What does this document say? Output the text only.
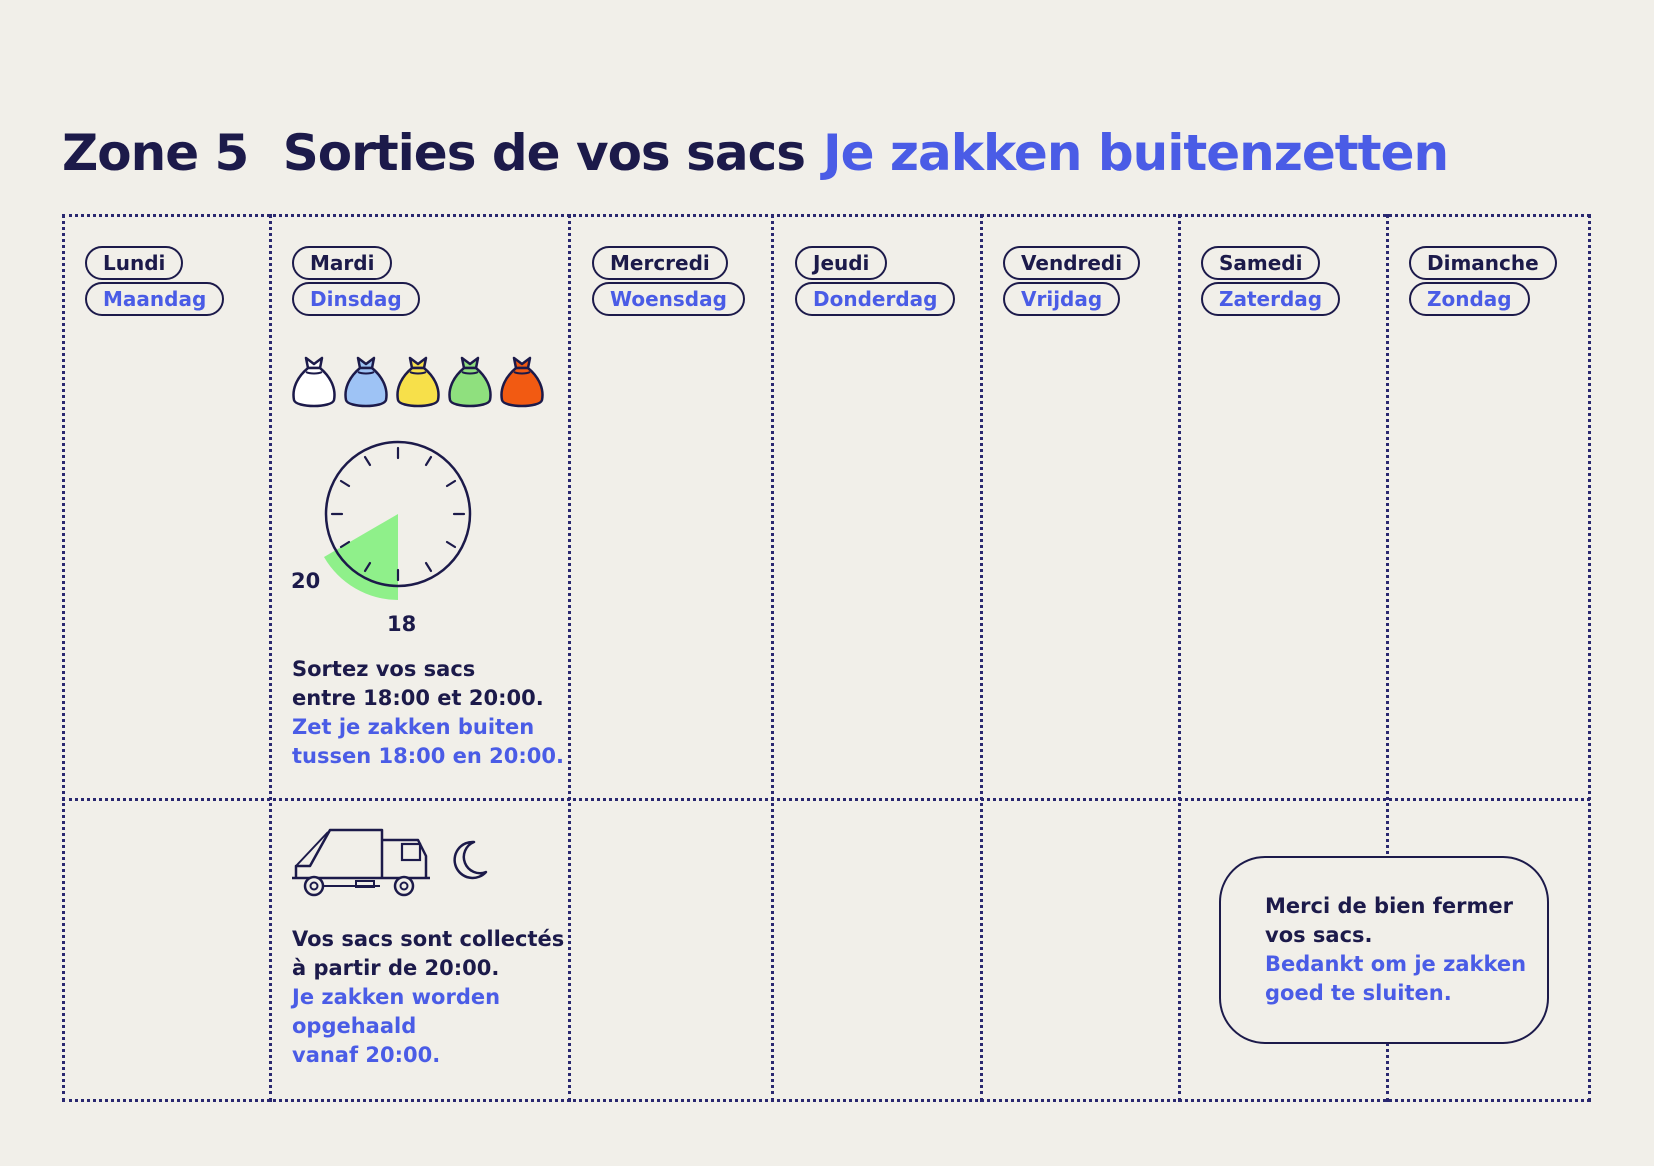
Zone 5 Sorties de vos sacs Je zakken buitenzetten
Lundi
Maandag
Mardi
Dinsdag
Mercredi
Woensdag
Jeudi
Donderdag
Vendredi
Vrijdag
Samedi
Zaterdag
Dimanche
Zondag
20
18
Sortez vos sacs
entre 18:00 et 20:00.
Zet je zakken buiten
tussen 18:00 en 20:00.
Vos sacs sont collectés
à partir de 20:00.
Je zakken worden
opgehaald
vanaf 20:00.
Merci de bien fermer
vos sacs.
Bedankt om je zakken
goed te sluiten.
